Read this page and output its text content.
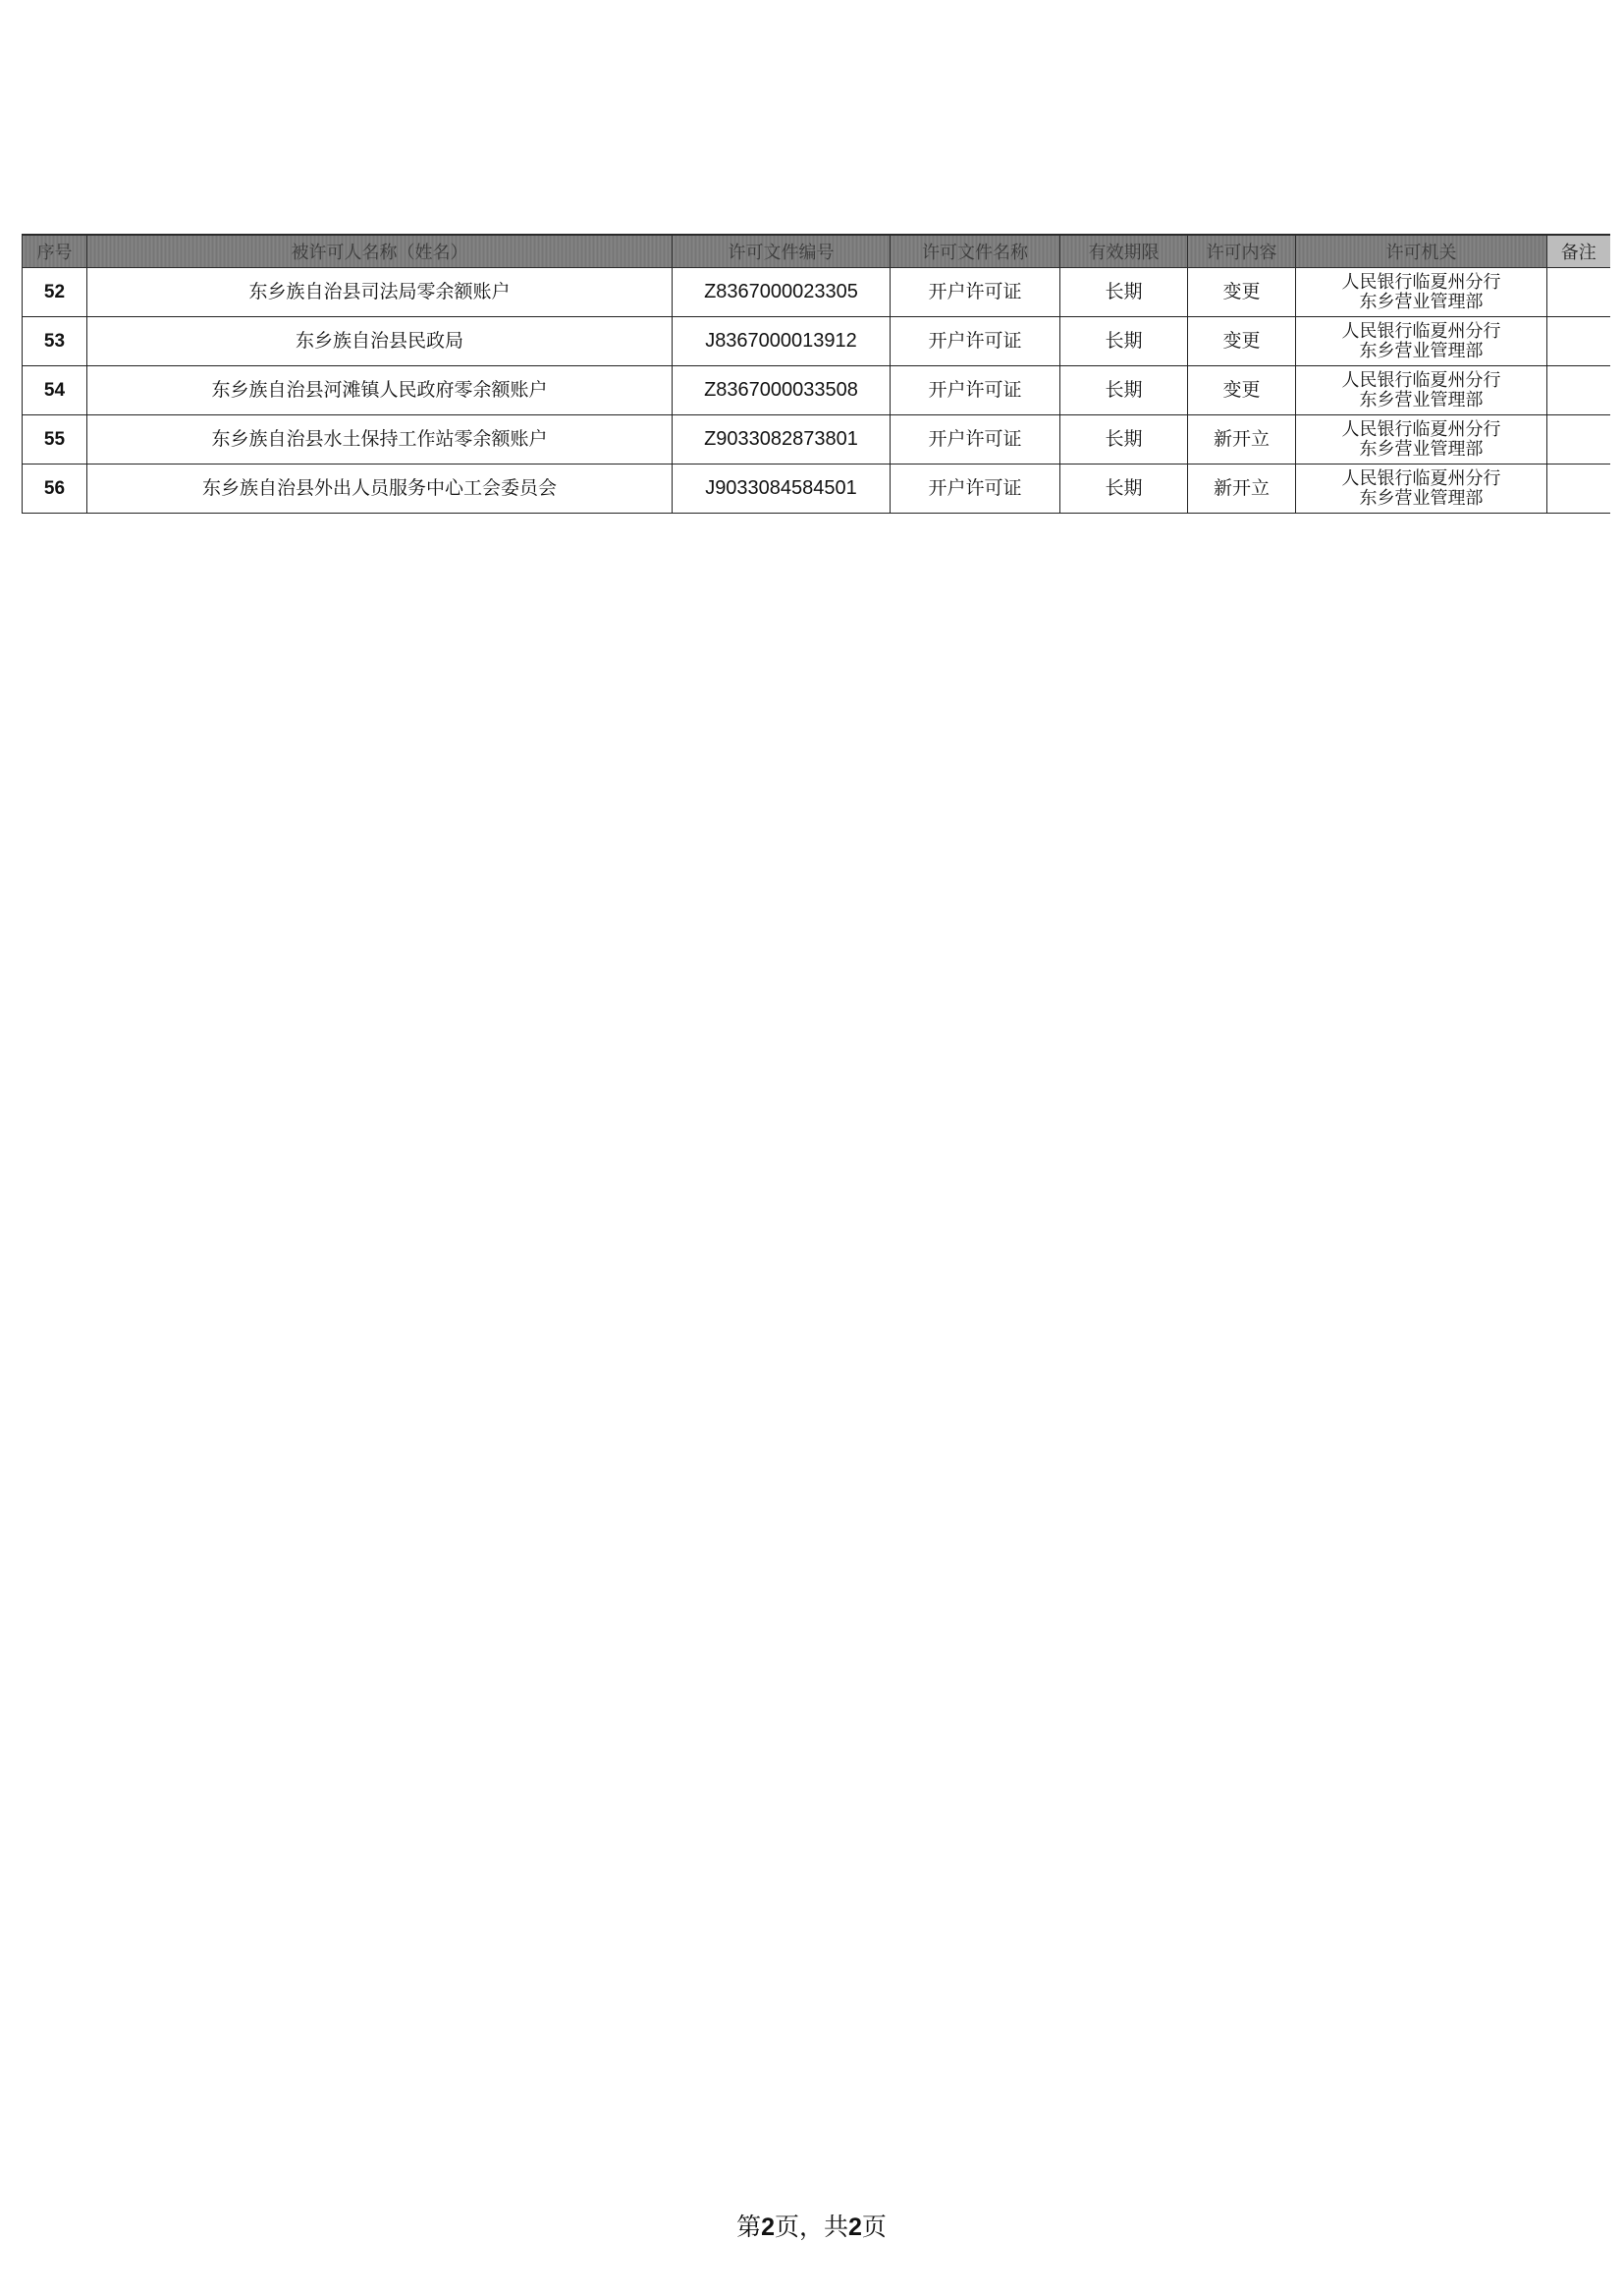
序号	被许可人名称（姓名）	许可文件编号	许可文件名称	有效期限	许可内容	许可机关	备注
52	东乡族自治县司法局零余额账户	Z8367000023305	开户许可证	长期	变更	人民银行临夏州分行
东乡营业管理部	

53	东乡族自治县民政局	J8367000013912	开户许可证	长期	变更	人民银行临夏州分行
东乡营业管理部	

54	东乡族自治县河滩镇人民政府零余额账户	Z8367000033508	开户许可证	长期	变更	人民银行临夏州分行
东乡营业管理部	

55	东乡族自治县水土保持工作站零余额账户	Z9033082873801	开户许可证	长期	新开立	人民银行临夏州分行
东乡营业管理部	

56	东乡族自治县外出人员服务中心工会委员会	J9033084584501	开户许可证	长期	新开立	人民银行临夏州分行
东乡营业管理部	

第2页，共2页
